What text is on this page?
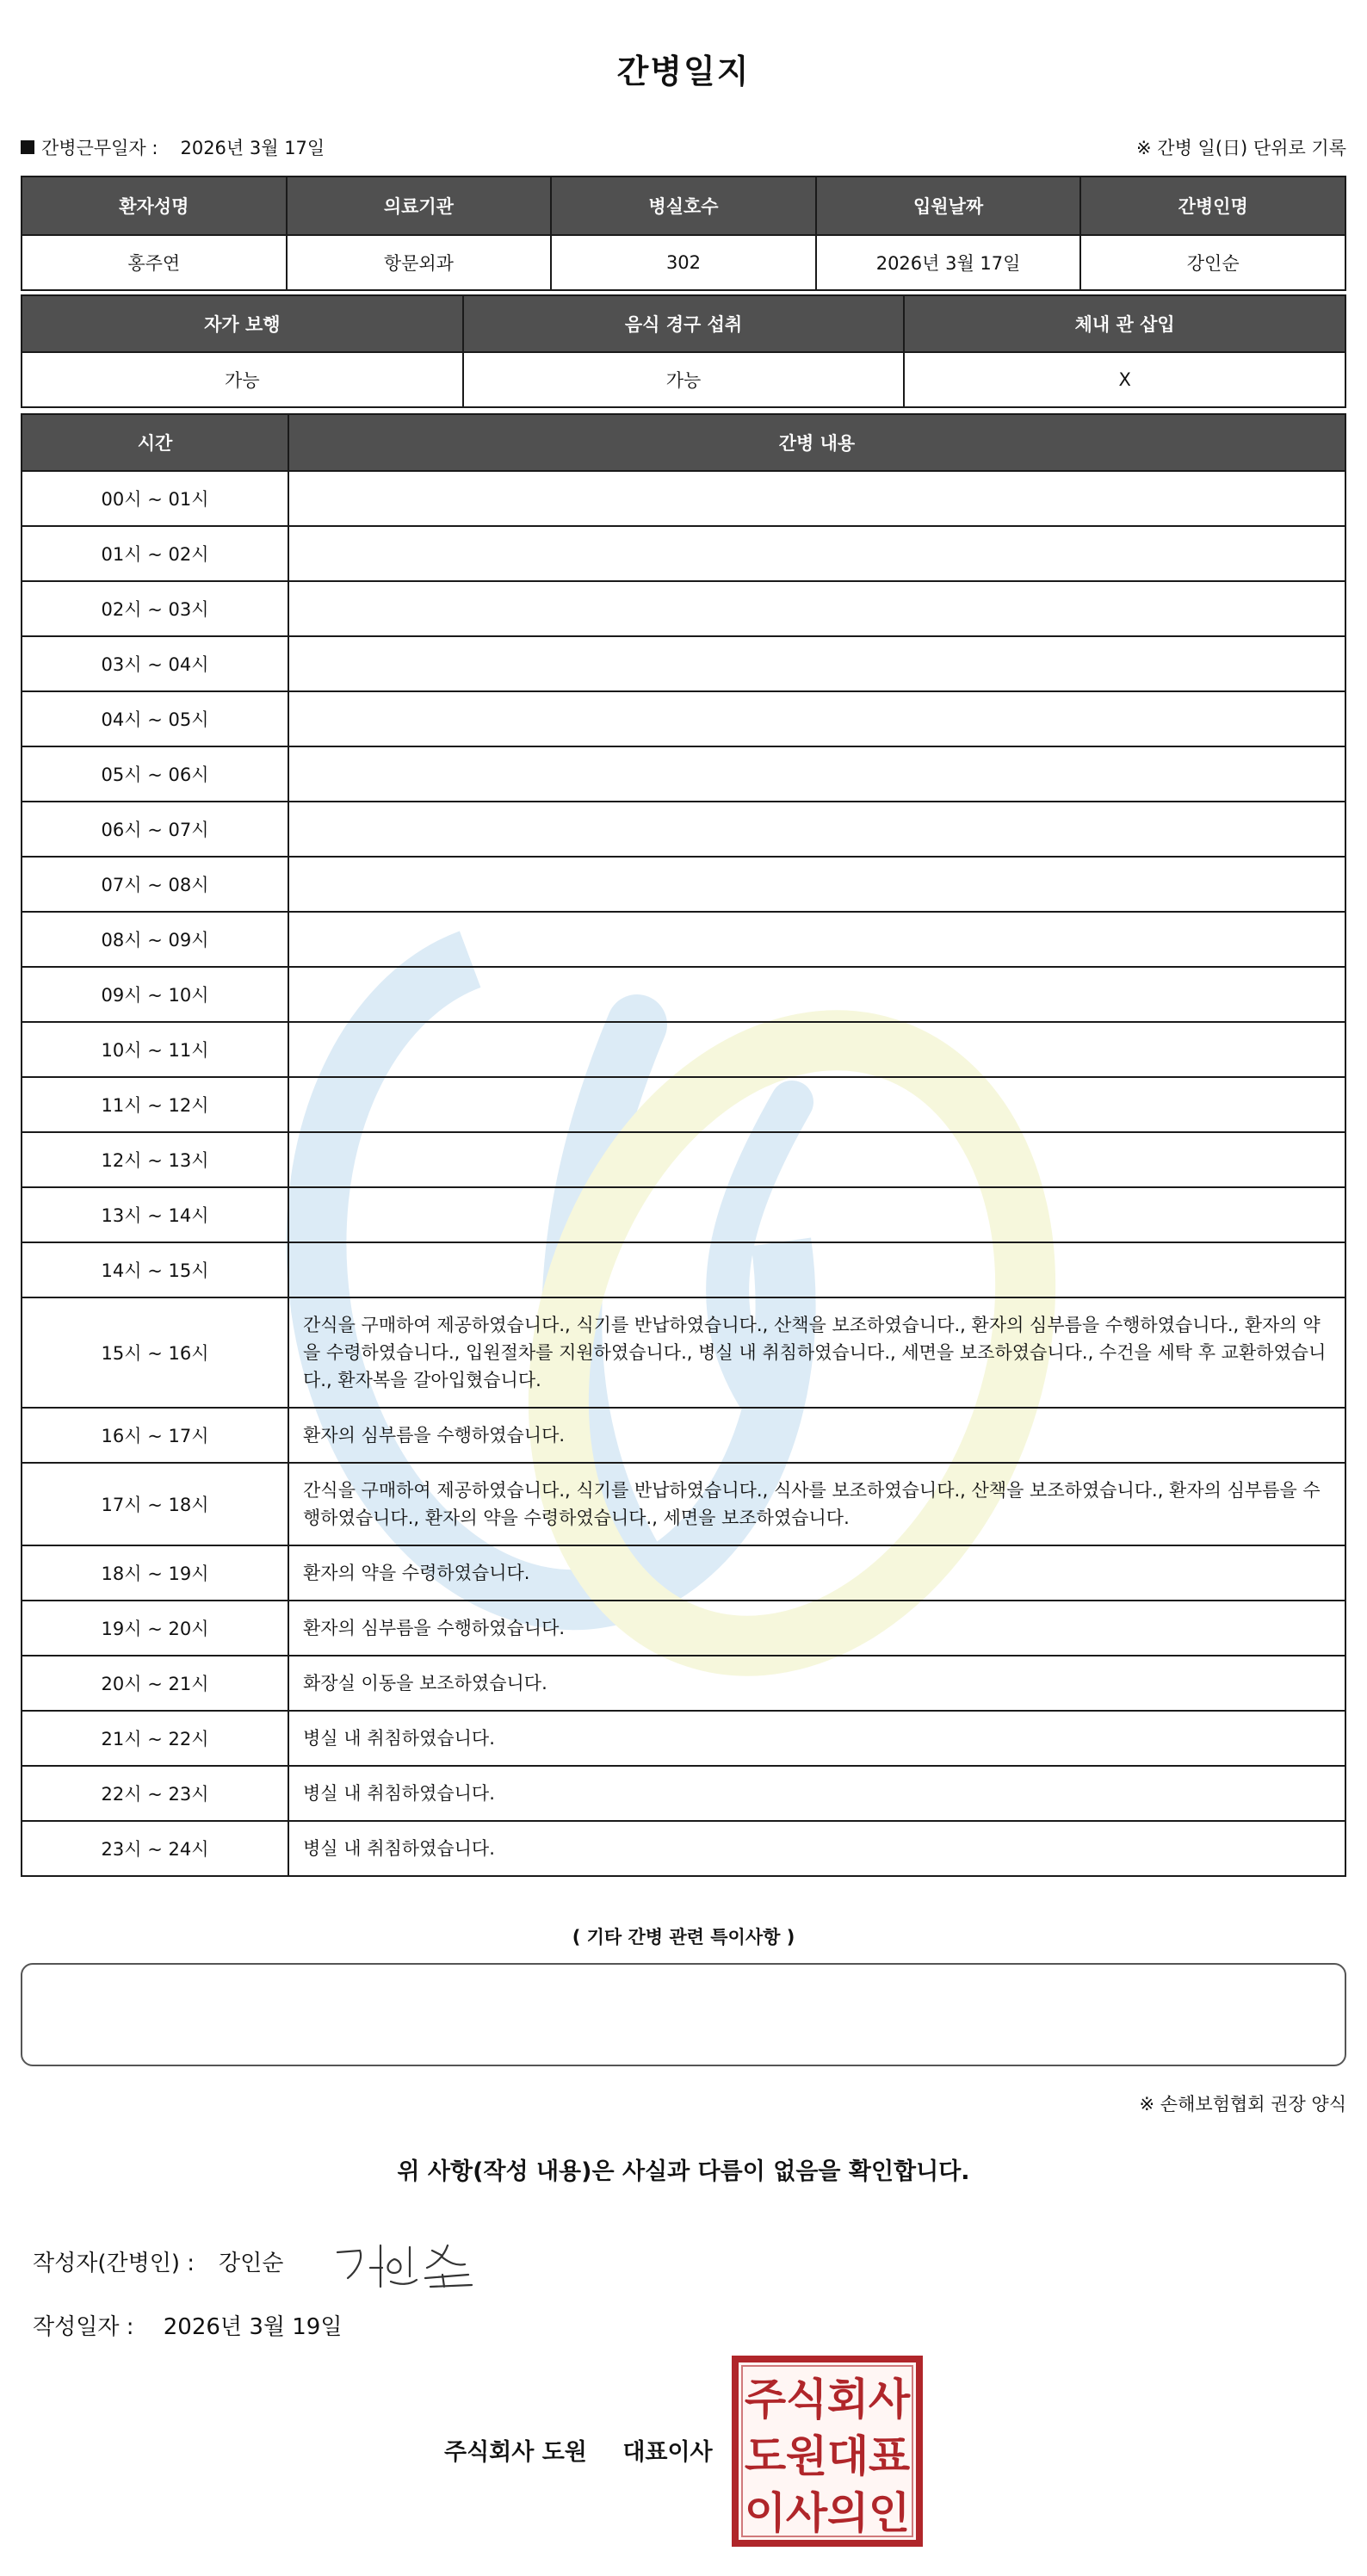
간병일지
간병근무일자 : 2026년 3월 17일	※ 간병 일(日) 단위로 기록
환자성명	의료기관	병실호수	입원날짜	간병인명
홍주연	항문외과	302	2026년 3월 17일	강인순
자가 보행	음식 경구 섭취	체내 관 삽입
가능	가능	X
시간	간병 내용
00시 ~ 01시	
01시 ~ 02시	
02시 ~ 03시	
03시 ~ 04시	
04시 ~ 05시	
05시 ~ 06시	
06시 ~ 07시	
07시 ~ 08시	
08시 ~ 09시	
09시 ~ 10시	
10시 ~ 11시	
11시 ~ 12시	
12시 ~ 13시	
13시 ~ 14시	
14시 ~ 15시	
15시 ~ 16시	간식을 구매하여 제공하였습니다., 식기를 반납하였습니다., 산책을 보조하였습니다., 환자의 심부름을 수행하였습니다., 환자의 약을 수령하였습니다., 입원절차를 지원하였습니다., 병실 내 취침하였습니다., 세면을 보조하였습니다., 수건을 세탁 후 교환하였습니다., 환자복을 갈아입혔습니다.
16시 ~ 17시	환자의 심부름을 수행하였습니다.
17시 ~ 18시	간식을 구매하여 제공하였습니다., 식기를 반납하였습니다., 식사를 보조하였습니다., 산책을 보조하였습니다., 환자의 심부름을 수행하였습니다., 환자의 약을 수령하였습니다., 세면을 보조하였습니다.
18시 ~ 19시	환자의 약을 수령하였습니다.
19시 ~ 20시	환자의 심부름을 수행하였습니다.
20시 ~ 21시	화장실 이동을 보조하였습니다.
21시 ~ 22시	병실 내 취침하였습니다.
22시 ~ 23시	병실 내 취침하였습니다.
23시 ~ 24시	병실 내 취침하였습니다.
( 기타 간병 관련 특이사항 )
※ 손해보험협회 권장 양식
위 사항(작성 내용)은 사실과 다름이 없음을 확인합니다.
작성자(간병인) : 강인순
작성일자 : 2026년 3월 19일
주식회사 도원 대표이사
주 식 회 사
도 원 대 표
이 사 의 인
